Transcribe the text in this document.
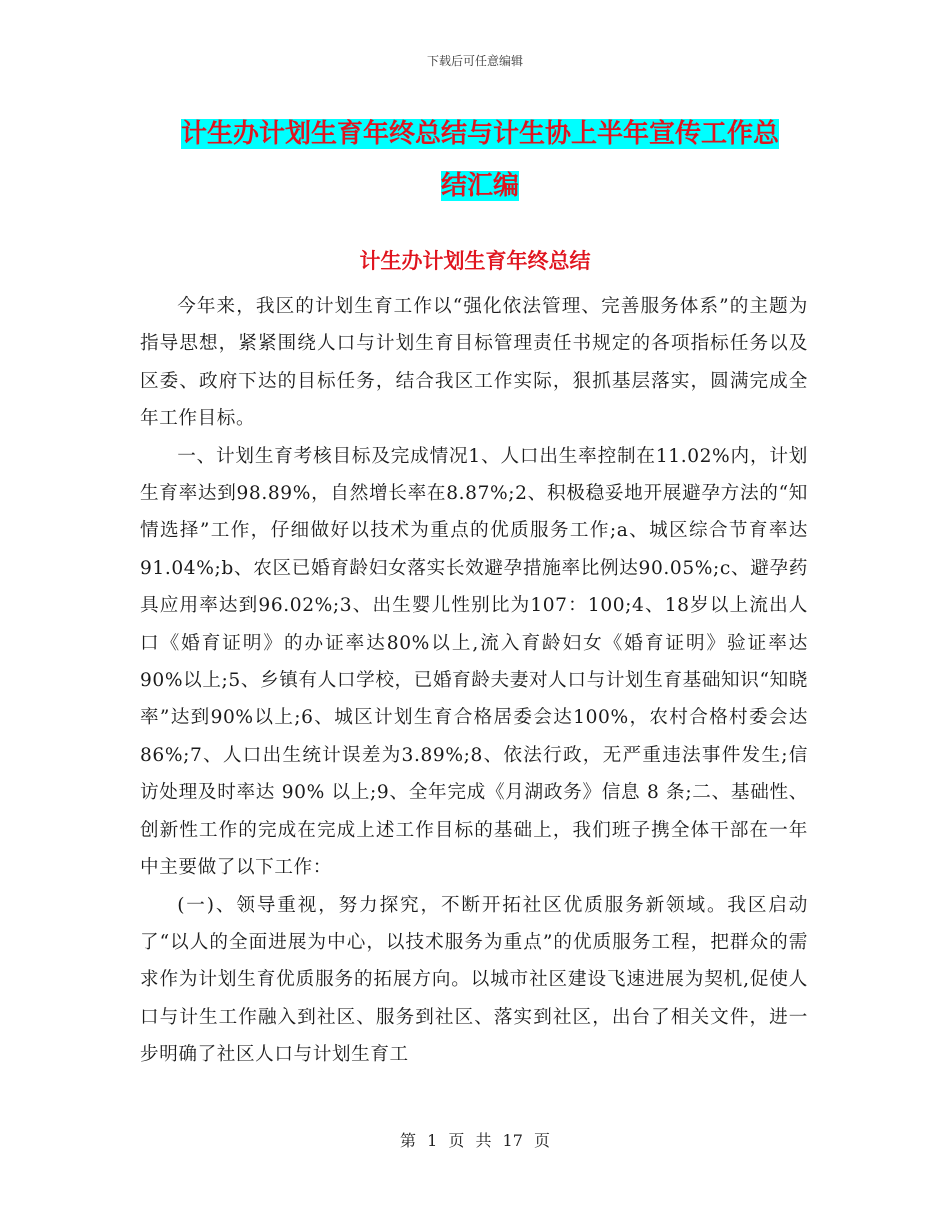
下载后可任意编辑
计生办计划生育年终总结与计生协上半年宣传工作总
结汇编
计生办计划生育年终总结

今年来，我区的计划生育工作以“强化依法管理、完善服务体系”的主题为指导思想，紧紧围绕人口与计划生育目标管理责任书规定的各项指标任务以及区委、政府下达的目标任务，结合我区工作实际，狠抓基层落实，圆满完成全年工作目标。

一、计划生育考核目标及完成情况1、人口出生率控制在11.02%内，计划生育率达到98.89%，自然增长率在8.87%;2、积极稳妥地开展避孕方法的“知情选择”工作，仔细做好以技术为重点的优质服务工作;a、城区综合节育率达91.04%;b、农区已婚育龄妇女落实长效避孕措施率比例达90.05%;c、避孕药具应用率达到96.02%;3、出生婴儿性别比为107：100;4、18岁以上流出人口《婚育证明》的办证率达80%以上,流入育龄妇女《婚育证明》验证率达90%以上;5、乡镇有人口学校，已婚育龄夫妻对人口与计划生育基础知识“知晓率”达到90%以上;6、城区计划生育合格居委会达100%，农村合格村委会达86%;7、人口出生统计误差为3.89%;8、依法行政，无严重违法事件发生;信访处理及时率达 90% 以上;9、全年完成《月湖政务》信息 8 条;二、基础性、创新性工作的完成在完成上述工作目标的基础上，我们班子携全体干部在一年中主要做了以下工作：

(一)、领导重视，努力探究，不断开拓社区优质服务新领域。我区启动了“以人的全面进展为中心，以技术服务为重点”的优质服务工程，把群众的需求作为计划生育优质服务的拓展方向。以城市社区建设飞速进展为契机,促使人口与计生工作融入到社区、服务到社区、落实到社区，出台了相关文件，进一步明确了社区人口与计划生育工

第 1 页 共 17 页
